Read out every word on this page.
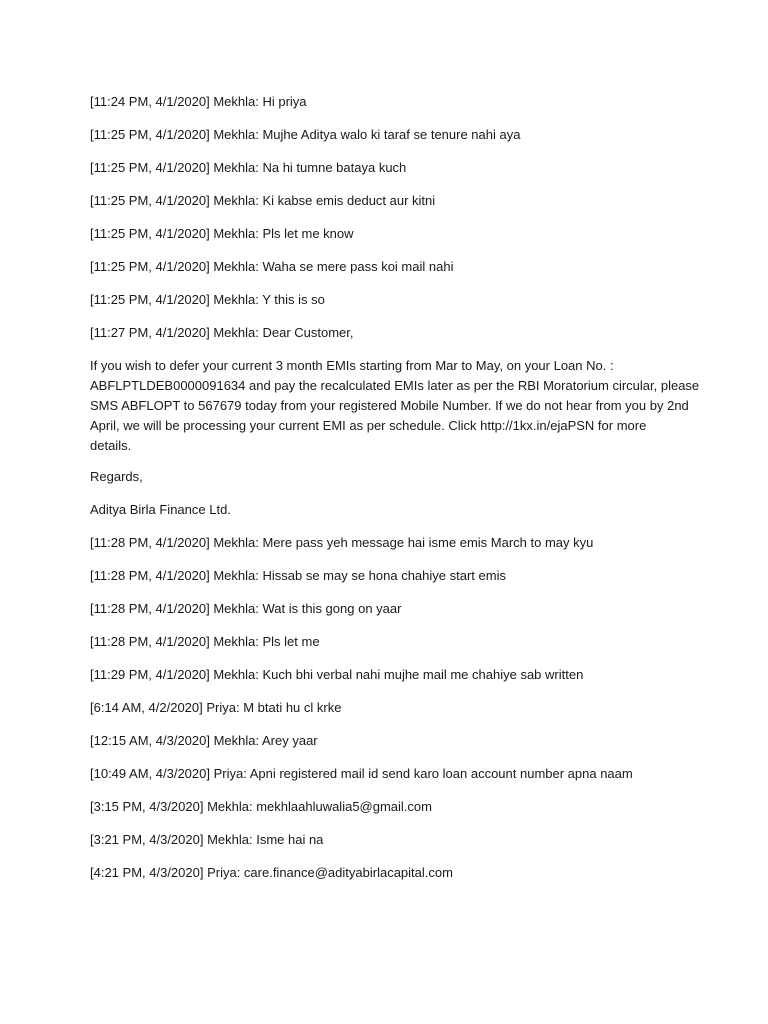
[11:24 PM, 4/1/2020] Mekhla: Hi priya

[11:25 PM, 4/1/2020] Mekhla: Mujhe Aditya walo ki taraf se tenure nahi aya

[11:25 PM, 4/1/2020] Mekhla: Na hi tumne bataya kuch

[11:25 PM, 4/1/2020] Mekhla: Ki kabse emis deduct aur kitni

[11:25 PM, 4/1/2020] Mekhla: Pls let me know

[11:25 PM, 4/1/2020] Mekhla: Waha se mere pass koi mail nahi

[11:25 PM, 4/1/2020] Mekhla: Y this is so

[11:27 PM, 4/1/2020] Mekhla: Dear Customer,

If you wish to defer your current 3 month EMIs starting from Mar to May, on your Loan No. :
ABFLPTLDEB0000091634 and pay the recalculated EMIs later as per the RBI Moratorium circular, please
SMS ABFLOPT to 567679 today from your registered Mobile Number. If we do not hear from you by 2nd
April, we will be processing your current EMI as per schedule. Click http://1kx.in/ejaPSN for more
details.

Regards,

Aditya Birla Finance Ltd.

[11:28 PM, 4/1/2020] Mekhla: Mere pass yeh message hai isme emis March to may kyu

[11:28 PM, 4/1/2020] Mekhla: Hissab se may se hona chahiye start emis

[11:28 PM, 4/1/2020] Mekhla: Wat is this gong on yaar

[11:28 PM, 4/1/2020] Mekhla: Pls let me

[11:29 PM, 4/1/2020] Mekhla: Kuch bhi verbal nahi mujhe mail me chahiye sab written

[6:14 AM, 4/2/2020] Priya: M btati hu cl krke

[12:15 AM, 4/3/2020] Mekhla: Arey yaar

[10:49 AM, 4/3/2020] Priya: Apni registered mail id send karo loan account number apna naam

[3:15 PM, 4/3/2020] Mekhla: mekhlaahluwalia5@gmail.com

[3:21 PM, 4/3/2020] Mekhla: Isme hai na

[4:21 PM, 4/3/2020] Priya: care.finance@adityabirlacapital.com
